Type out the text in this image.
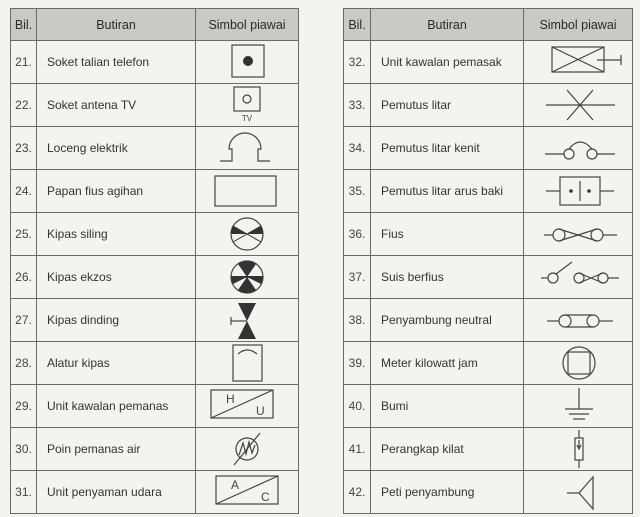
Bil.	Butiran	Simbol piawai
21.	Soket talian telefon	

22.	Soket antena TV	TV

23.	Loceng elektrik	

24.	Papan fius agihan	

25.	Kipas siling	

26.	Kipas ekzos	

27.	Kipas dinding	

28.	Alatur kipas	

29.	Unit kawalan pemanas	H
U

30.	Poin pemanas air	

31.	Unit penyaman udara	A
C
Bil.	Butiran	Simbol piawai
32.	Unit kawalan pemasak	

33.	Pemutus litar	

34.	Pemutus litar kenit	

35.	Pemutus litar arus baki	

36.	Fius	

37.	Suis berfius	

38.	Penyambung neutral	

39.	Meter kilowatt jam	

40.	Bumi	

41.	Perangkap kilat	

42.	Peti penyambung	
